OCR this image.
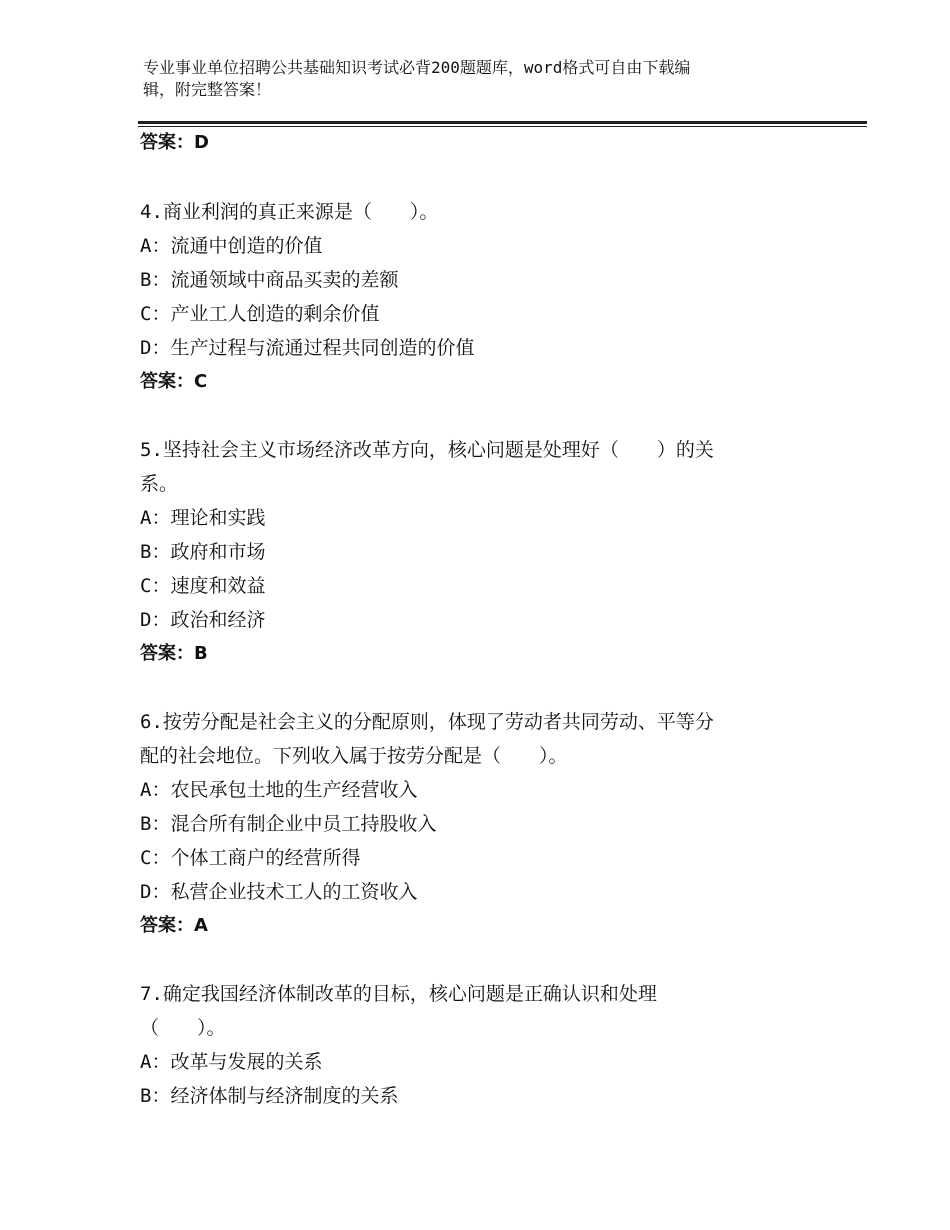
专业事业单位招聘公共基础知识考试必背200题题库，word格式可自由下载编
辑，附完整答案！
答案：D
4.商业利润的真正来源是（　　）。
A：流通中创造的价值
B：流通领域中商品买卖的差额
C：产业工人创造的剩余价值
D：生产过程与流通过程共同创造的价值
答案：C
5.坚持社会主义市场经济改革方向，核心问题是处理好（　　）的关
系。
A：理论和实践
B：政府和市场
C：速度和效益
D：政治和经济
答案：B
6.按劳分配是社会主义的分配原则，体现了劳动者共同劳动、平等分
配的社会地位。下列收入属于按劳分配是（　　）。
A：农民承包土地的生产经营收入
B：混合所有制企业中员工持股收入
C：个体工商户的经营所得
D：私营企业技术工人的工资收入
答案：A
7.确定我国经济体制改革的目标，核心问题是正确认识和处理
（　　）。
A：改革与发展的关系
B：经济体制与经济制度的关系
